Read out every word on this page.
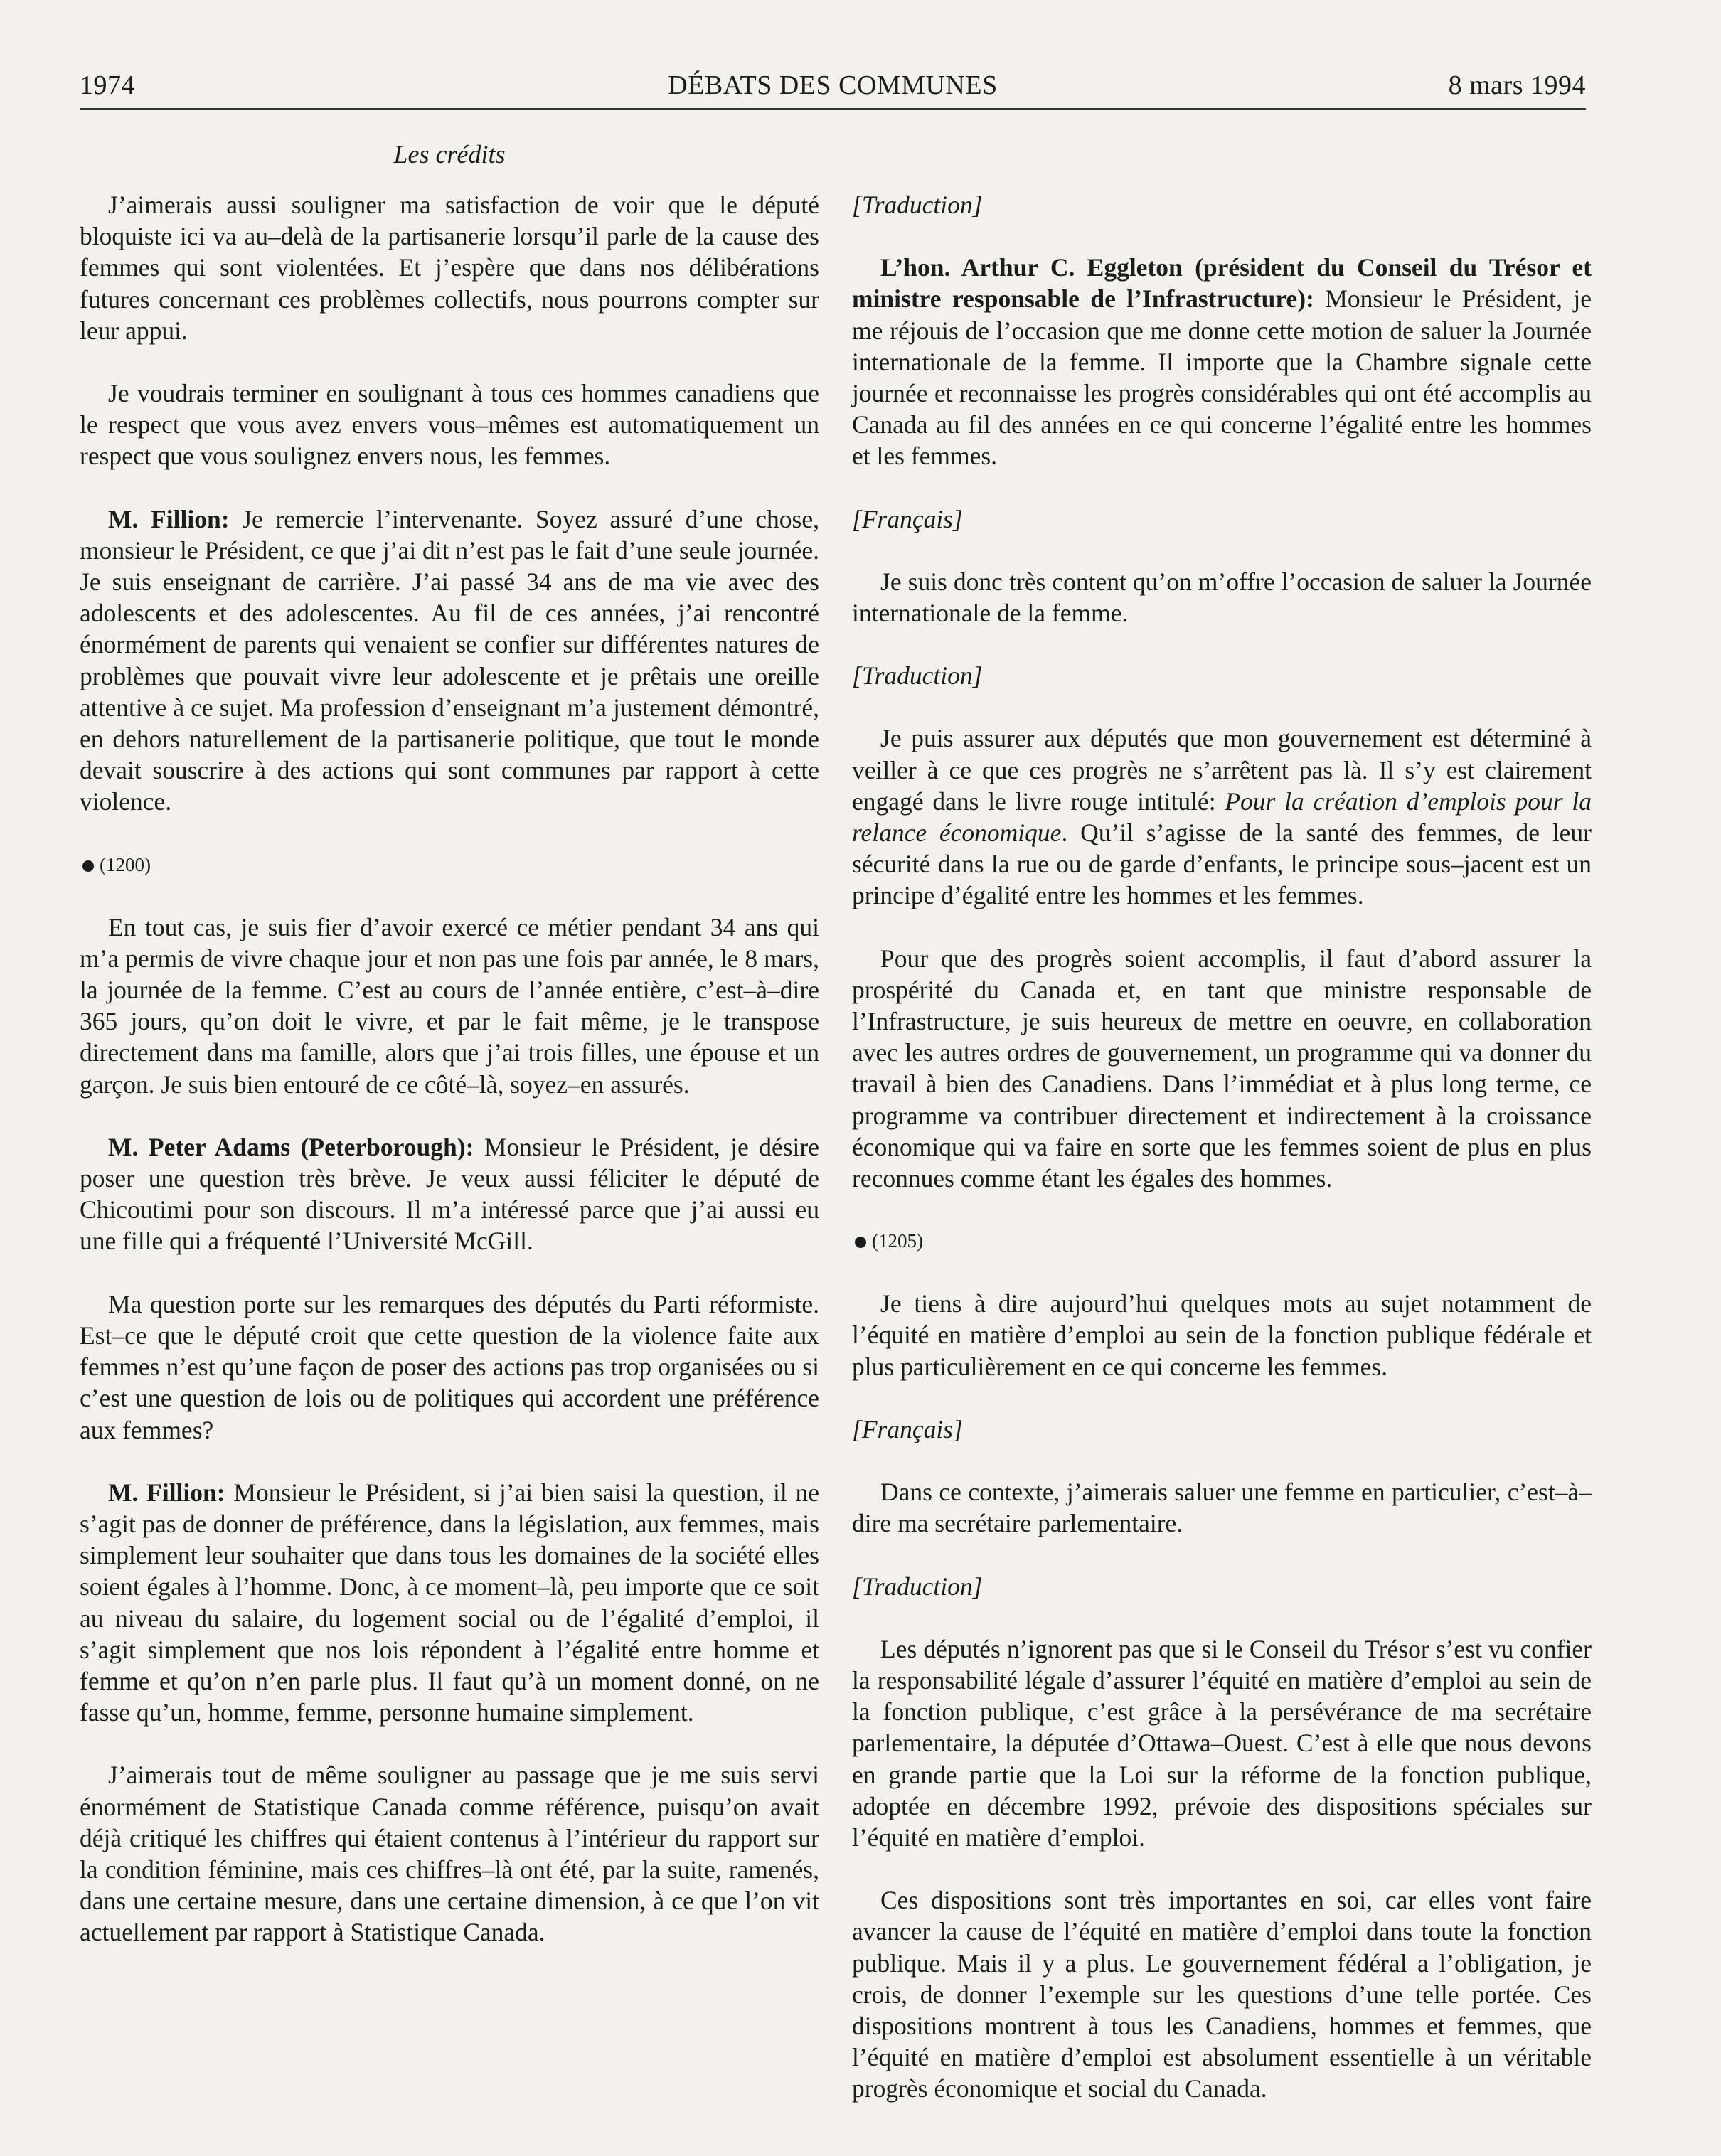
1974	DÉBATS DES COMMUNES	8 mars 1994
Les crédits

J’aimerais aussi souligner ma satisfaction de voir que le député bloquiste ici va au–delà de la partisanerie lorsqu’il parle de la cause des femmes qui sont violentées. Et j’espère que dans nos délibérations futures concernant ces problèmes collectifs, nous pourrons compter sur leur appui.

Je voudrais terminer en soulignant à tous ces hommes canadiens que le respect que vous avez envers vous–mêmes est automatiquement un respect que vous soulignez envers nous, les femmes.

M. Fillion: Je remercie l’intervenante. Soyez assuré d’une chose, monsieur le Président, ce que j’ai dit n’est pas le fait d’une seule journée. Je suis enseignant de carrière. J’ai passé 34 ans de ma vie avec des adolescents et des adolescentes. Au fil de ces années, j’ai rencontré énormément de parents qui venaient se confier sur différentes natures de problèmes que pouvait vivre leur adolescente et je prêtais une oreille attentive à ce sujet. Ma profession d’enseignant m’a justement démontré, en dehors naturellement de la partisanerie politique, que tout le monde devait souscrire à des actions qui sont communes par rapport à cette violence.

(1200)

En tout cas, je suis fier d’avoir exercé ce métier pendant 34 ans qui m’a permis de vivre chaque jour et non pas une fois par année, le 8 mars, la journée de la femme. C’est au cours de l’année entière, c’est–à–dire 365 jours, qu’on doit le vivre, et par le fait même, je le transpose directement dans ma famille, alors que j’ai trois filles, une épouse et un garçon. Je suis bien entouré de ce côté–là, soyez–en assurés.

M. Peter Adams (Peterborough): Monsieur le Président, je désire poser une question très brève. Je veux aussi féliciter le député de Chicoutimi pour son discours. Il m’a intéressé parce que j’ai aussi eu une fille qui a fréquenté l’Université McGill.

Ma question porte sur les remarques des députés du Parti réformiste. Est–ce que le député croit que cette question de la violence faite aux femmes n’est qu’une façon de poser des actions pas trop organisées ou si c’est une question de lois ou de politiques qui accordent une préférence aux femmes?

M. Fillion: Monsieur le Président, si j’ai bien saisi la question, il ne s’agit pas de donner de préférence, dans la législation, aux femmes, mais simplement leur souhaiter que dans tous les domaines de la société elles soient égales à l’homme. Donc, à ce moment–là, peu importe que ce soit au niveau du salaire, du logement social ou de l’égalité d’emploi, il s’agit simplement que nos lois répondent à l’égalité entre homme et femme et qu’on n’en parle plus. Il faut qu’à un moment donné, on ne fasse qu’un, homme, femme, personne humaine simplement.

J’aimerais tout de même souligner au passage que je me suis servi énormément de Statistique Canada comme référence, puisqu’on avait déjà critiqué les chiffres qui étaient contenus à l’intérieur du rapport sur la condition féminine, mais ces chiffres–là ont été, par la suite, ramenés, dans une certaine mesure, dans une certaine dimension, à ce que l’on vit actuellement par rapport à Statistique Canada.

[Traduction]

L’hon. Arthur C. Eggleton (président du Conseil du Trésor et ministre responsable de l’Infrastructure): Monsieur le Président, je me réjouis de l’occasion que me donne cette motion de saluer la Journée internationale de la femme. Il importe que la Chambre signale cette journée et reconnaisse les progrès considérables qui ont été accomplis au Canada au fil des années en ce qui concerne l’égalité entre les hommes et les femmes.

[Français]

Je suis donc très content qu’on m’offre l’occasion de saluer la Journée internationale de la femme.

[Traduction]

Je puis assurer aux députés que mon gouvernement est déterminé à veiller à ce que ces progrès ne s’arrêtent pas là. Il s’y est clairement engagé dans le livre rouge intitulé: Pour la création d’emplois pour la relance économique. Qu’il s’agisse de la santé des femmes, de leur sécurité dans la rue ou de garde d’enfants, le principe sous–jacent est un principe d’égalité entre les hommes et les femmes.

Pour que des progrès soient accomplis, il faut d’abord assurer la prospérité du Canada et, en tant que ministre responsable de l’Infrastructure, je suis heureux de mettre en oeuvre, en collaboration avec les autres ordres de gouvernement, un programme qui va donner du travail à bien des Canadiens. Dans l’immédiat et à plus long terme, ce programme va contribuer directement et indirectement à la croissance économique qui va faire en sorte que les femmes soient de plus en plus reconnues comme étant les égales des hommes.

(1205)

Je tiens à dire aujourd’hui quelques mots au sujet notamment de l’équité en matière d’emploi au sein de la fonction publique fédérale et plus particulièrement en ce qui concerne les femmes.

[Français]

Dans ce contexte, j’aimerais saluer une femme en particulier, c’est–à–dire ma secrétaire parlementaire.

[Traduction]

Les députés n’ignorent pas que si le Conseil du Trésor s’est vu confier la responsabilité légale d’assurer l’équité en matière d’emploi au sein de la fonction publique, c’est grâce à la persévérance de ma secrétaire parlementaire, la députée d’Ottawa–Ouest. C’est à elle que nous devons en grande partie que la Loi sur la réforme de la fonction publique, adoptée en décembre 1992, prévoie des dispositions spéciales sur l’équité en matière d’emploi.

Ces dispositions sont très importantes en soi, car elles vont faire avancer la cause de l’équité en matière d’emploi dans toute la fonction publique. Mais il y a plus. Le gouvernement fédéral a l’obligation, je crois, de donner l’exemple sur les questions d’une telle portée. Ces dispositions montrent à tous les Canadiens, hommes et femmes, que l’équité en matière d’emploi est absolument essentielle à un véritable progrès économique et social du Canada.
